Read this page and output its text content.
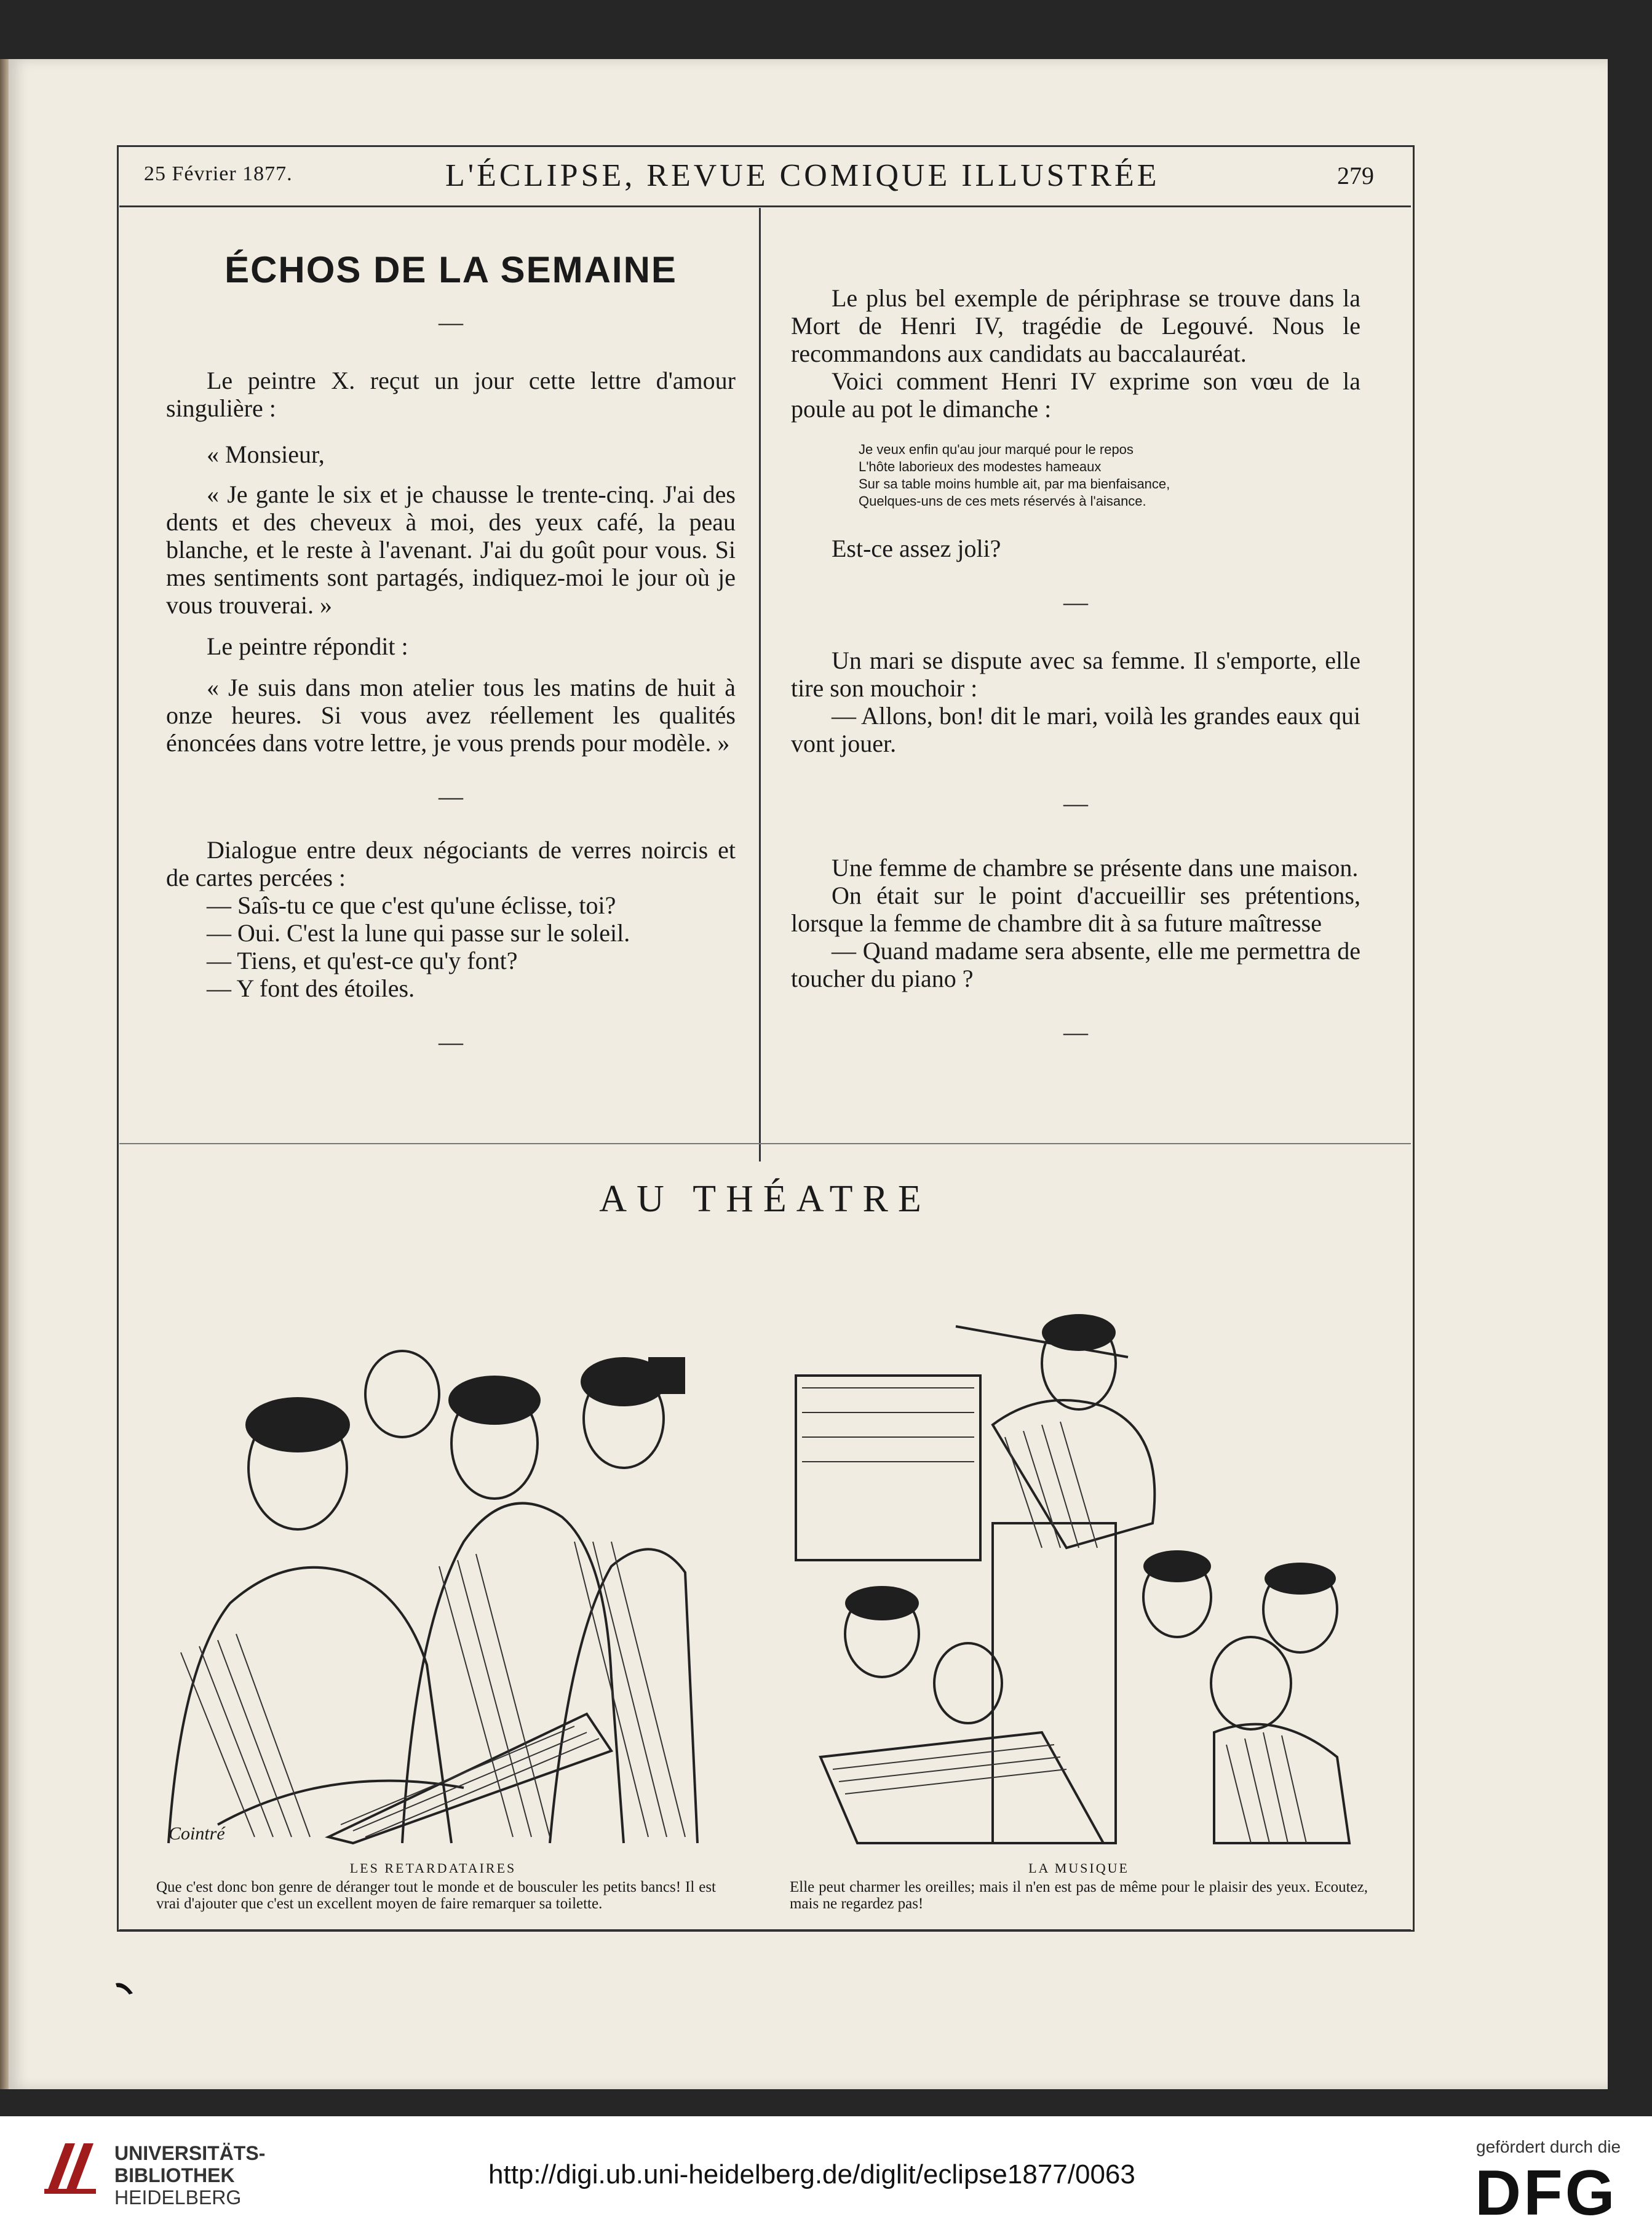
25 Février 1877.	L'ÉCLIPSE, REVUE COMIQUE ILLUSTRÉE	279
ÉCHOS DE LA SEMAINE

—

Le peintre X. reçut un jour cette lettre d'amour singulière :

« Monsieur,

« Je gante le six et je chausse le trente-cinq. J'ai des dents et des cheveux à moi, des yeux café, la peau blanche, et le reste à l'avenant. J'ai du goût pour vous. Si mes sentiments sont partagés, indiquez-moi le jour où je vous trouverai. »

Le peintre répondit :

« Je suis dans mon atelier tous les matins de huit à onze heures. Si vous avez réellement les qualités énoncées dans votre lettre, je vous prends pour modèle. »

—

Dialogue entre deux négociants de verres noircis et de cartes percées :

— Saîs-tu ce que c'est qu'une éclisse, toi?

— Oui. C'est la lune qui passe sur le soleil.

— Tiens, et qu'est-ce qu'y font?

— Y font des étoiles.

—

Le plus bel exemple de périphrase se trouve dans la Mort de Henri IV, tragédie de Legouvé. Nous le recommandons aux candidats au baccalauréat.

Voici comment Henri IV exprime son vœu de la poule au pot le dimanche :

Je veux enfin qu'au jour marqué pour le repos

L'hôte laborieux des modestes hameaux

Sur sa table moins humble ait, par ma bienfaisance,

Quelques-uns de ces mets réservés à l'aisance.

Est-ce assez joli?

—

Un mari se dispute avec sa femme. Il s'emporte, elle tire son mouchoir :

— Allons, bon! dit le mari, voilà les grandes eaux qui vont jouer.

—

Une femme de chambre se présente dans une maison.

On était sur le point d'accueillir ses prétentions, lorsque la femme de chambre dit à sa future maîtresse

— Quand madame sera absente, elle me permettra de toucher du piano ?

—

AU THÉATRE
LES RETARDATAIRES
Que c'est donc bon genre de déranger tout le monde et de bousculer les petits bancs! Il est vrai d'ajouter que c'est un excellent moyen de faire remarquer sa toilette.
Cointré
LA MUSIQUE
Elle peut charmer les oreilles; mais il n'en est pas de même pour le plaisir des yeux. Ecoutez, mais ne regardez pas!
UNIVERSITÄTS-
BIBLIOTHEK
HEIDELBERG
http://digi.ub.uni-heidelberg.de/diglit/eclipse1877/0063
gefördert durch die
DFG
